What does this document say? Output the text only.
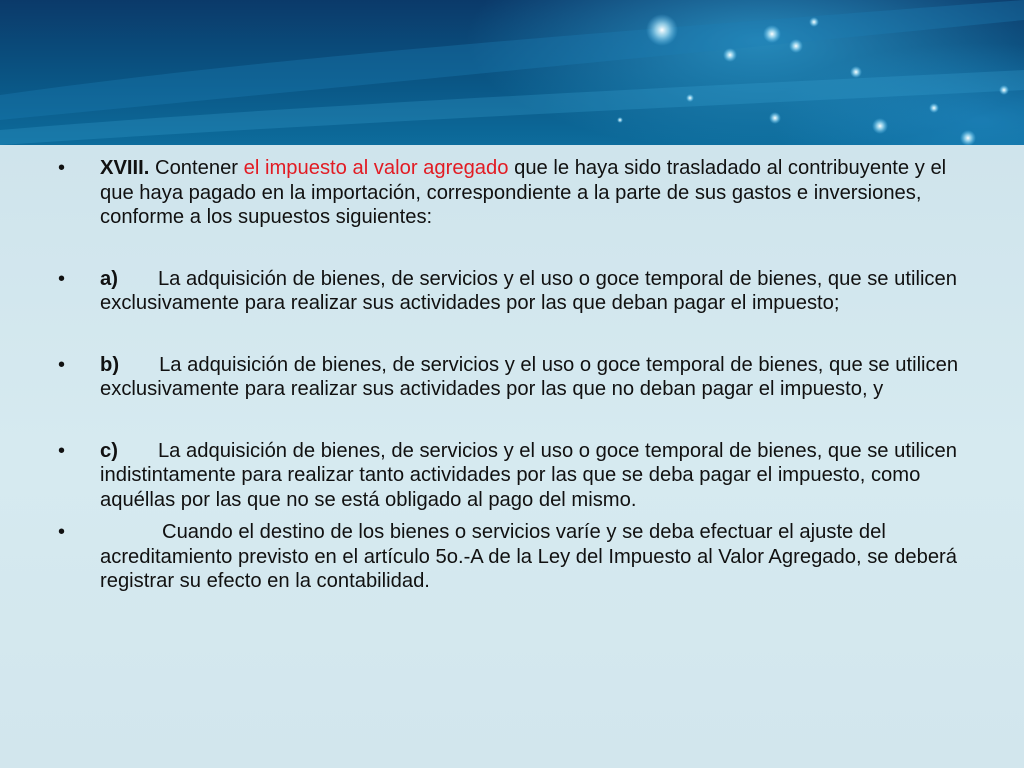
•	XVIII. Contener el impuesto al valor agregado que le haya sido trasladado al contribuyente y el que haya pagado en la importación, correspondiente a la parte de sus gastos e inversiones, conforme a los supuestos siguientes:
•	a) La adquisición de bienes, de servicios y el uso o goce temporal de bienes, que se utilicen exclusivamente para realizar sus actividades por las que deban pagar el impuesto;
•	b) La adquisición de bienes, de servicios y el uso o goce temporal de bienes, que se utilicen exclusivamente para realizar sus actividades por las que no deban pagar el impuesto, y
•	c) La adquisición de bienes, de servicios y el uso o goce temporal de bienes, que se utilicen indistintamente para realizar tanto actividades por las que se deba pagar el impuesto, como aquéllas por las que no se está obligado al pago del mismo.
•	Cuando el destino de los bienes o servicios varíe y se deba efectuar el ajuste del acreditamiento previsto en el artículo 5o.-A de la Ley del Impuesto al Valor Agregado, se deberá registrar su efecto en la contabilidad.
